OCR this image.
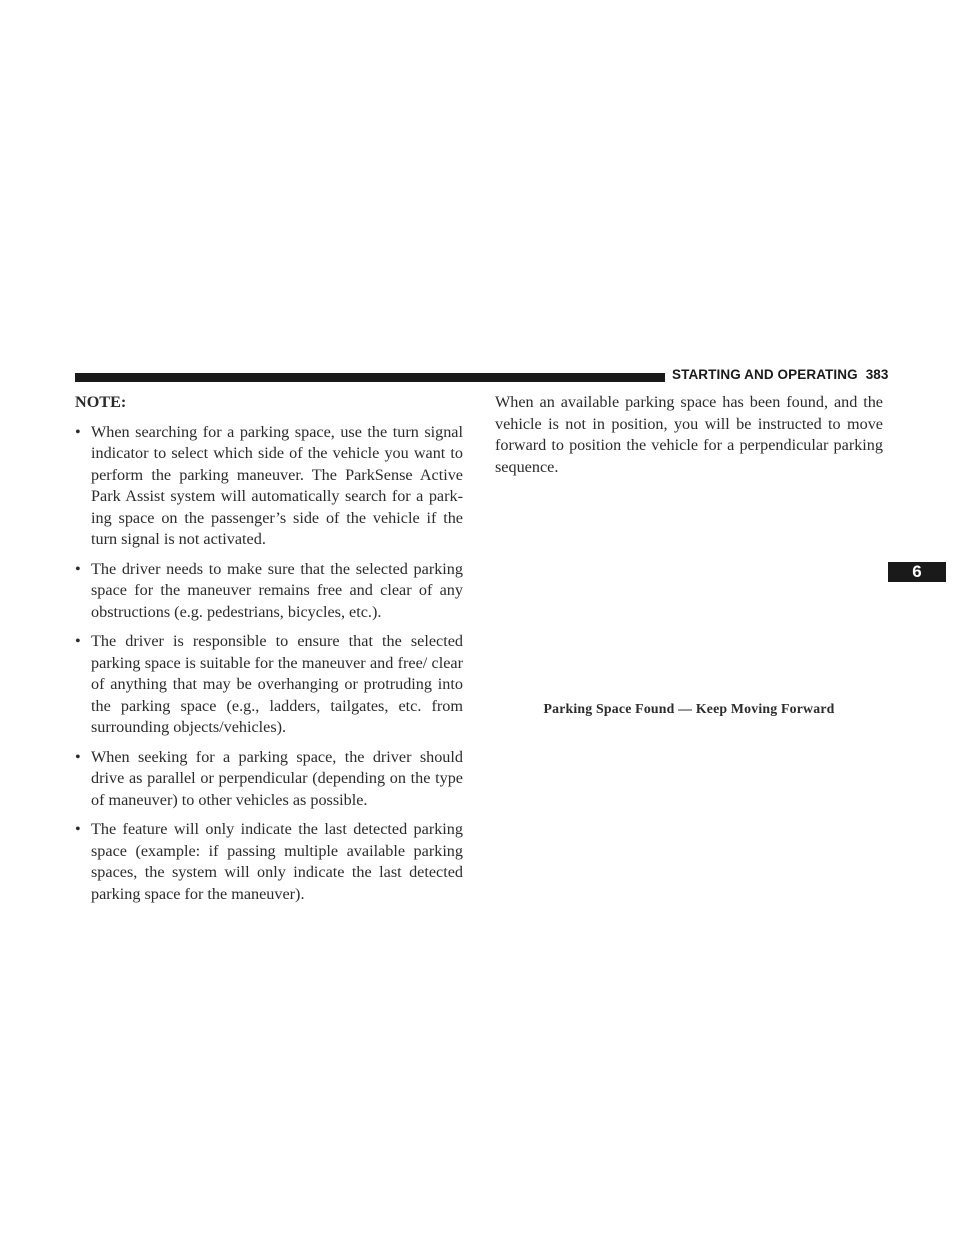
STARTING AND OPERATING 383

NOTE:

• When searching for a parking space, use the turn signal indicator to select which side of the vehicle you want to perform the parking maneuver. The ParkSense Active Park Assist system will automatically search for a park- ing space on the passenger’s side of the vehicle if the turn signal is not activated.
• The driver needs to make sure that the selected parking space for the maneuver remains free and clear of any obstructions (e.g. pedestrians, bicycles, etc.).
• The driver is responsible to ensure that the selected parking space is suitable for the maneuver and free/ clear of anything that may be overhanging or protruding into the parking space (e.g., ladders, tailgates, etc. from surrounding objects/vehicles).
• When seeking for a parking space, the driver should drive as parallel or perpendicular (depending on the type of maneuver) to other vehicles as possible.
• The feature will only indicate the last detected parking space (example: if passing multiple available parking spaces, the system will only indicate the last detected parking space for the maneuver).

When an available parking space has been found, and the vehicle is not in position, you will be instructed to move forward to position the vehicle for a perpendicular parking sequence.

Parking Space Found — Keep Moving Forward
6
